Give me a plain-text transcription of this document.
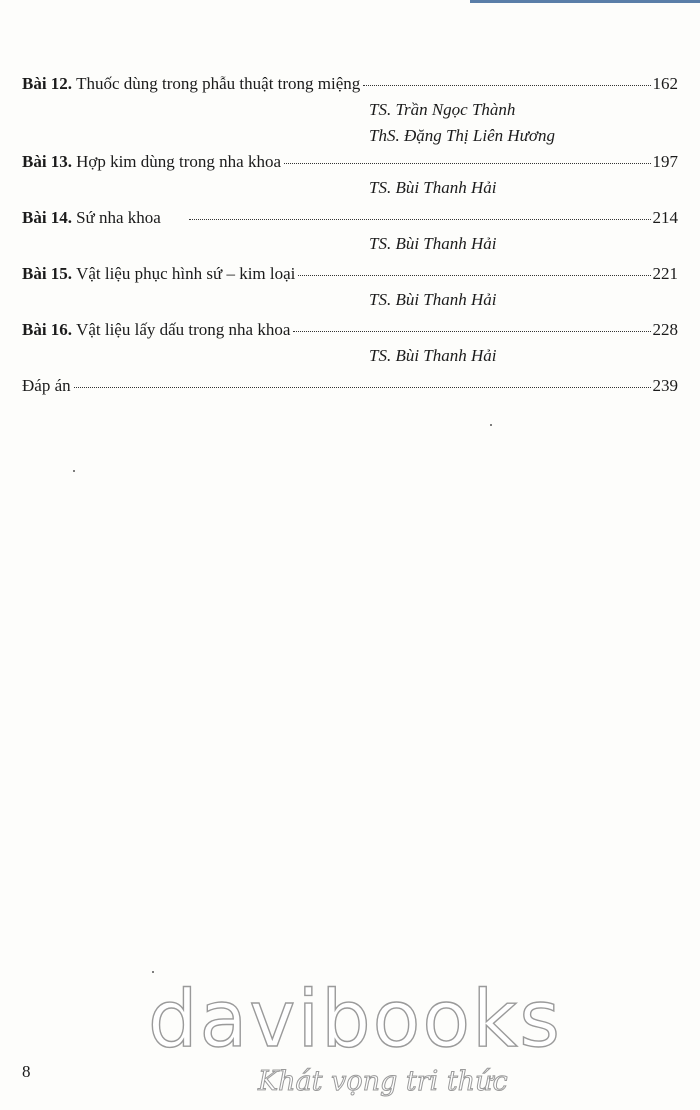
Bài 12. Thuốc dùng trong phẫu thuật trong miệng	162
TS. Trần Ngọc Thành
ThS. Đặng Thị Liên Hương
Bài 13. Hợp kim dùng trong nha khoa	197
TS. Bùi Thanh Hải
Bài 14. Sứ nha khoa	214
TS. Bùi Thanh Hải
Bài 15. Vật liệu phục hình sứ – kim loại	221
TS. Bùi Thanh Hải
Bài 16. Vật liệu lấy dấu trong nha khoa	228
TS. Bùi Thanh Hải
Đáp án	239
davibooks
Khát vọng tri thức
8
